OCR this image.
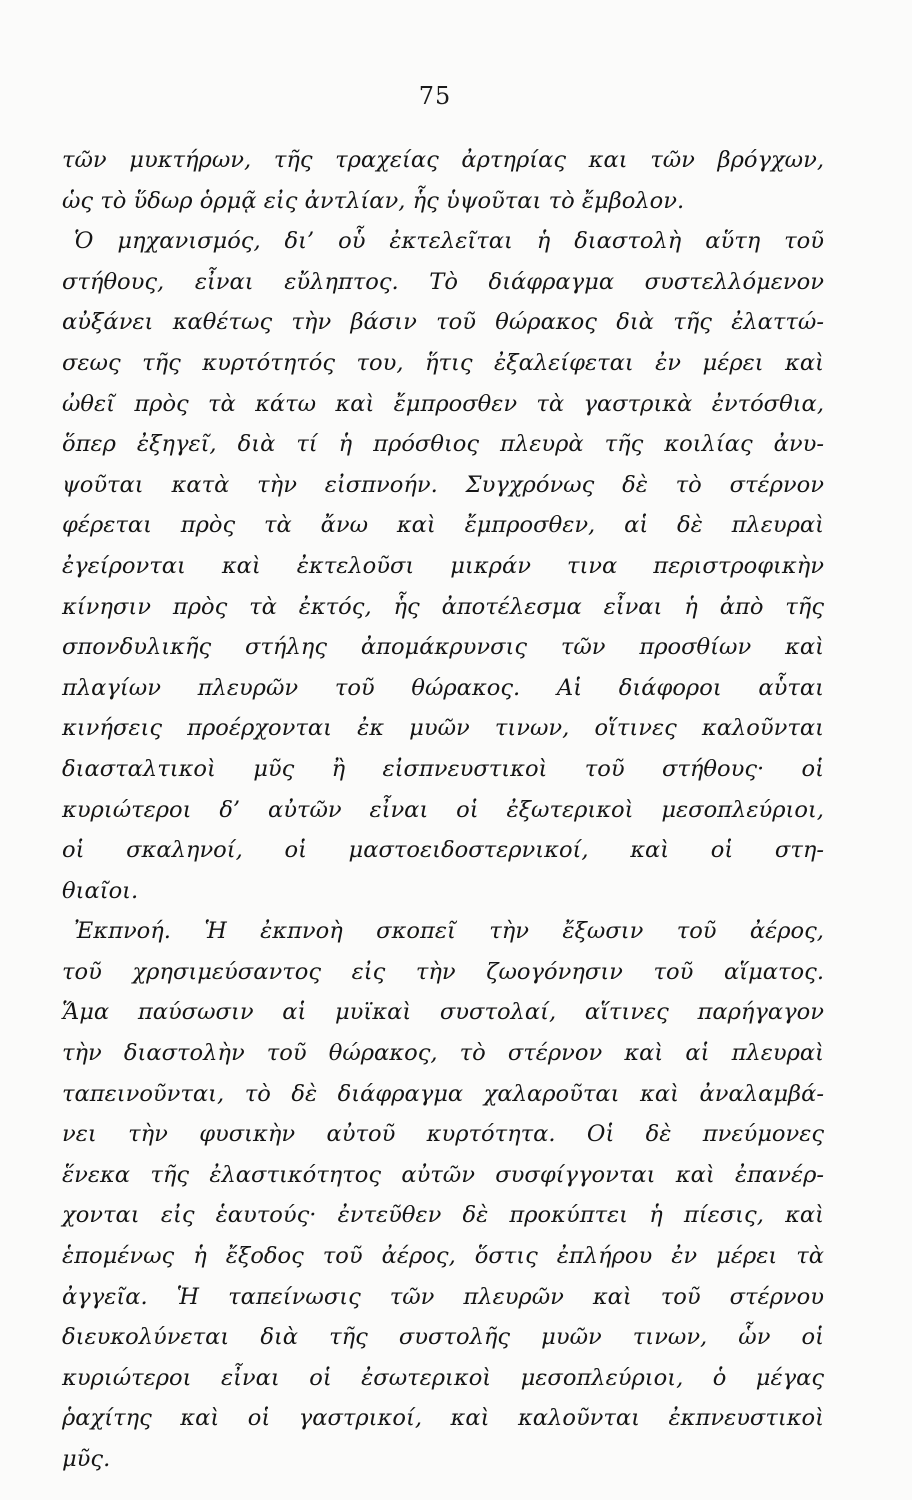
75
τῶν μυκτήρων, τῆς τραχείας ἀρτηρίας και τῶν βρόγχων,
ὡς τὸ ὕδωρ ὁρμᾷ εἰς ἀντλίαν, ἧς ὑψοῦται τὸ ἔμβολον.
Ὁ μηχανισμός, δι’ οὗ ἐκτελεῖται ἡ διαστολὴ αὕτη τοῦ
στήθους, εἶναι εὔληπτος. Τὸ διάφραγμα συστελλόμενον
αὐξάνει καθέτως τὴν βάσιν τοῦ θώρακος διὰ τῆς ἐλαττώ-
σεως τῆς κυρτότητός του, ἥτις ἐξαλείφεται ἐν μέρει καὶ
ὠθεῖ πρὸς τὰ κάτω καὶ ἔμπροσθεν τὰ γαστρικὰ ἐντόσθια,
ὅπερ ἐξηγεῖ, διὰ τί ἡ πρόσθιος πλευρὰ τῆς κοιλίας ἀνυ-
ψοῦται κατὰ τὴν εἰσπνοήν. Συγχρόνως δὲ τὸ στέρνον
φέρεται πρὸς τὰ ἄνω καὶ ἔμπροσθεν, αἱ δὲ πλευραὶ
ἐγείρονται καὶ ἐκτελοῦσι μικράν τινα περιστροφικὴν
κίνησιν πρὸς τὰ ἐκτός, ἧς ἀποτέλεσμα εἶναι ἡ ἀπὸ τῆς
σπονδυλικῆς στήλης ἀπομάκρυνσις τῶν προσθίων καὶ
πλαγίων πλευρῶν τοῦ θώρακος. Αἱ διάφοροι αὗται
κινήσεις προέρχονται ἐκ μυῶν τινων, οἵτινες καλοῦνται
διασταλτικοὶ μῦς ἢ εἰσπνευστικοὶ τοῦ στήθους· οἱ
κυριώτεροι δ’ αὐτῶν εἶναι οἱ ἐξωτερικοὶ μεσοπλεύριοι,
οἱ σκαληνοί, οἱ μαστοειδοστερνικοί, καὶ οἱ στη-
θιαῖοι.
Ἐκπνοή. Ἡ ἐκπνοὴ σκοπεῖ τὴν ἔξωσιν τοῦ ἀέρος,
τοῦ χρησιμεύσαντος εἰς τὴν ζωογόνησιν τοῦ αἵματος.
Ἅμα παύσωσιν αἱ μυϊκαὶ συστολαί, αἵτινες παρήγαγον
τὴν διαστολὴν τοῦ θώρακος, τὸ στέρνον καὶ αἱ πλευραὶ
ταπεινοῦνται, τὸ δὲ διάφραγμα χαλαροῦται καὶ ἀναλαμβά-
νει τὴν φυσικὴν αὐτοῦ κυρτότητα. Οἱ δὲ πνεύμονες
ἕνεκα τῆς ἐλαστικότητος αὐτῶν συσφίγγονται καὶ ἐπανέρ-
χονται εἰς ἑαυτούς· ἐντεῦθεν δὲ προκύπτει ἡ πίεσις, καὶ
ἑπομένως ἡ ἔξοδος τοῦ ἀέρος, ὅστις ἐπλήρου ἐν μέρει τὰ
ἀγγεῖα. Ἡ ταπείνωσις τῶν πλευρῶν καὶ τοῦ στέρνου
διευκολύνεται διὰ τῆς συστολῆς μυῶν τινων, ὧν οἱ
κυριώτεροι εἶναι οἱ ἐσωτερικοὶ μεσοπλεύριοι, ὁ μέγας
ῥαχίτης καὶ οἱ γαστρικοί, καὶ καλοῦνται ἐκπνευστικοὶ
μῦς.
